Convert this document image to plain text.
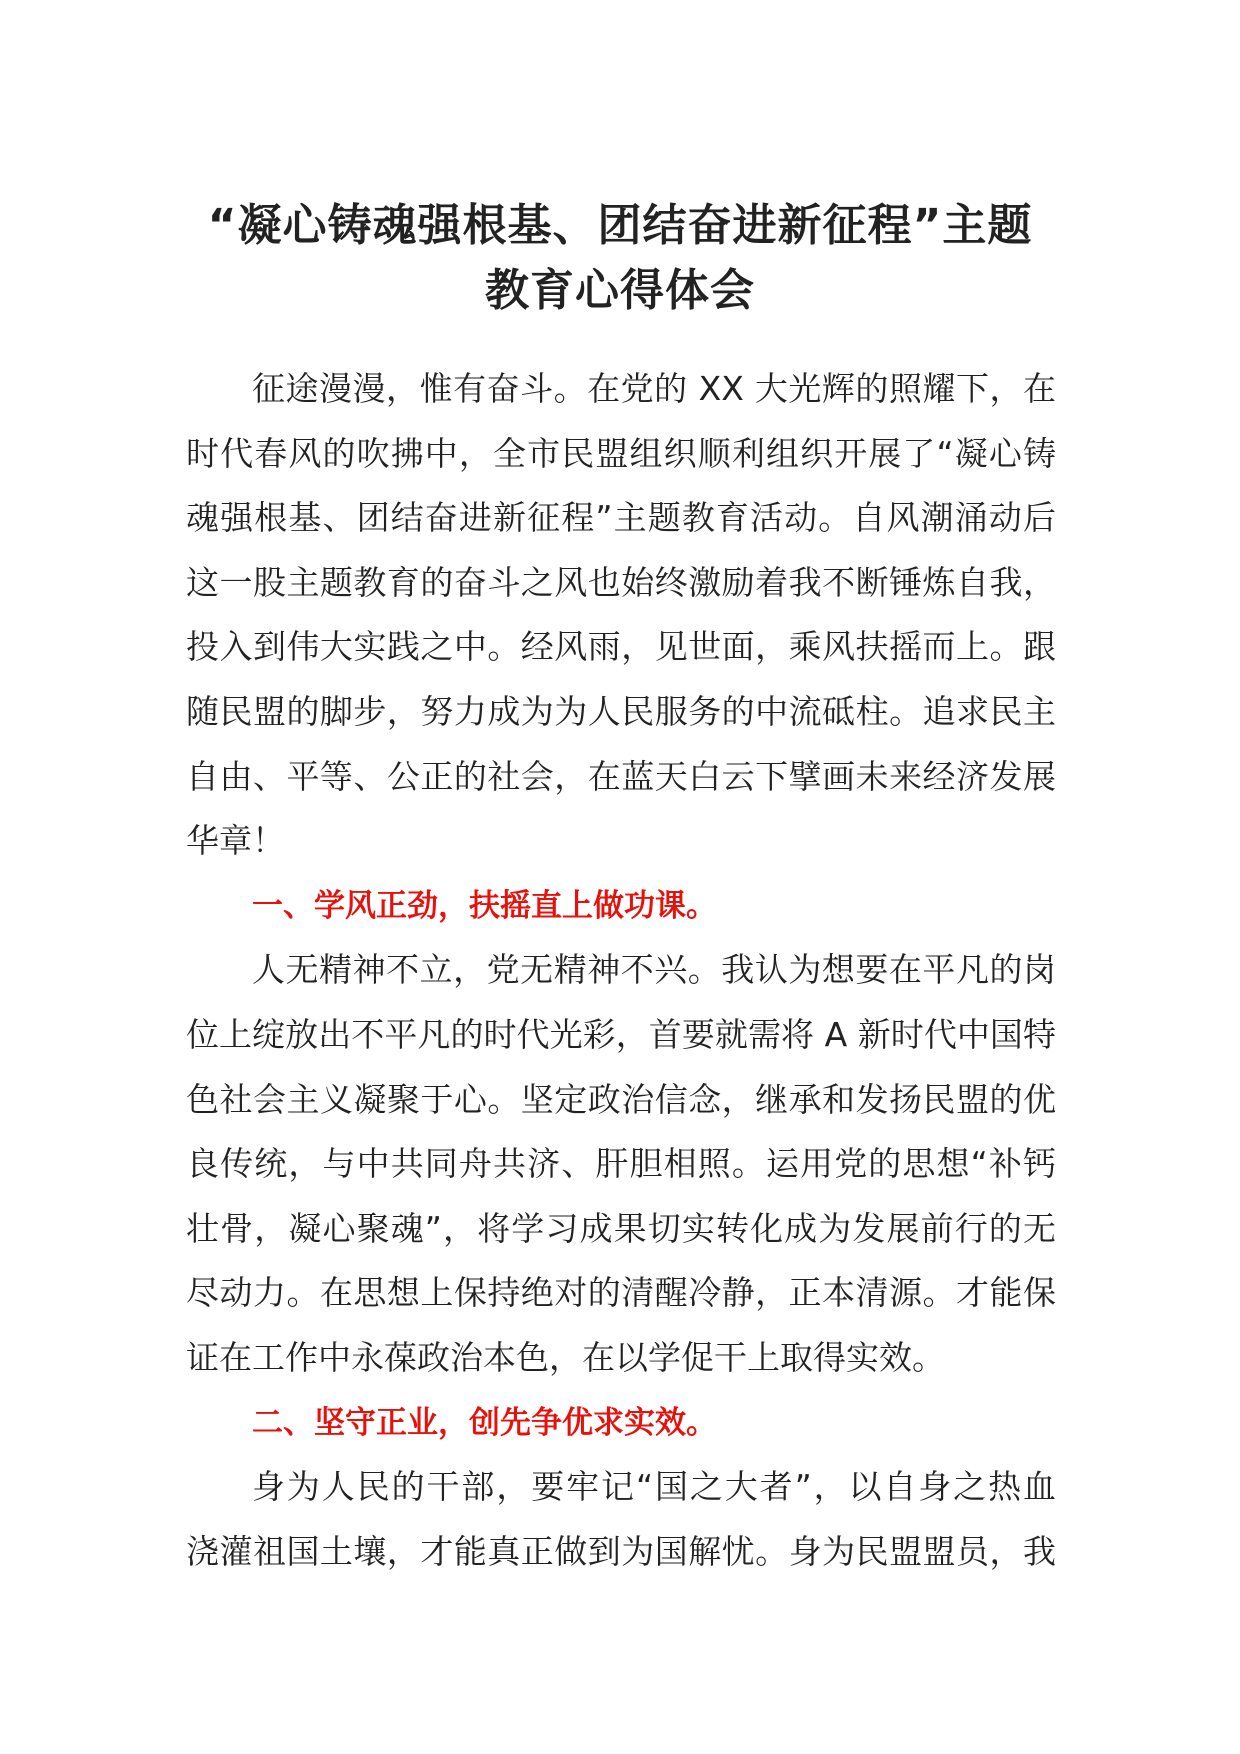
“凝心铸魂强根基、团结奋进新征程”主题
教育心得体会
征途漫漫，惟有奋斗。在党的 XX 大光辉的照耀下，在
时代春风的吹拂中，全市民盟组织顺利组织开展了“凝心铸
魂强根基、团结奋进新征程”主题教育活动。自风潮涌动后
这一股主题教育的奋斗之风也始终激励着我不断锤炼自我，
投入到伟大实践之中。经风雨，见世面，乘风扶摇而上。跟
随民盟的脚步，努力成为为人民服务的中流砥柱。追求民主
自由、平等、公正的社会，在蓝天白云下擘画未来经济发展
华章！
一、学风正劲，扶摇直上做功课。
人无精神不立，党无精神不兴。我认为想要在平凡的岗
位上绽放出不平凡的时代光彩，首要就需将 A 新时代中国特
色社会主义凝聚于心。坚定政治信念，继承和发扬民盟的优
良传统，与中共同舟共济、肝胆相照。运用党的思想“补钙
壮骨，凝心聚魂”，将学习成果切实转化成为发展前行的无
尽动力。在思想上保持绝对的清醒冷静，正本清源。才能保
证在工作中永葆政治本色，在以学促干上取得实效。
二、坚守正业，创先争优求实效。
身为人民的干部，要牢记“国之大者”，以自身之热血
浇灌祖国土壤，才能真正做到为国解忧。身为民盟盟员，我
